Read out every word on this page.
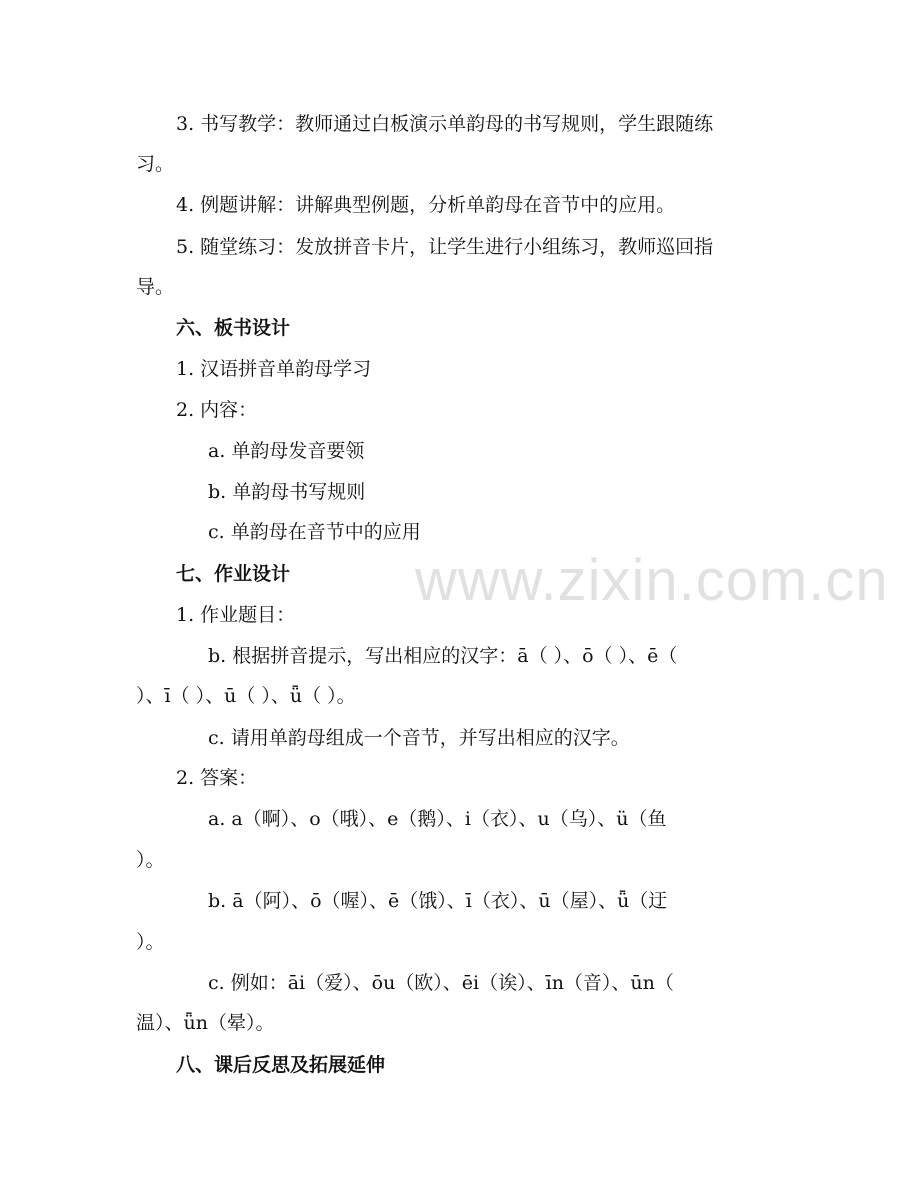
3. 书写教学：教师通过白板演示单韵母的书写规则，学生跟随练
习。
4. 例题讲解：讲解典型例题，分析单韵母在音节中的应用。
5. 随堂练习：发放拼音卡片，让学生进行小组练习，教师巡回指
导。
六、板书设计
1. 汉语拼音单韵母学习
2. 内容：
a. 单韵母发音要领
b. 单韵母书写规则
c. 单韵母在音节中的应用
七、作业设计
1. 作业题目：
b. 根据拼音提示，写出相应的汉字：ā（ ）、ō（ ）、ē（
）、ī（ ）、ū（ ）、ǖ（ ）。
c. 请用单韵母组成一个音节，并写出相应的汉字。
2. 答案：
a. a（啊）、o（哦）、e（鹅）、i（衣）、u（乌）、ü（鱼
）。
b. ā（阿）、ō（喔）、ē（饿）、ī（衣）、ū（屋）、ǖ（迂
）。
c. 例如：āi（爱）、ōu（欧）、ēi（诶）、īn（音）、ūn（
温）、ǖn（晕）。
八、课后反思及拓展延伸
www.zixin.com.cn
